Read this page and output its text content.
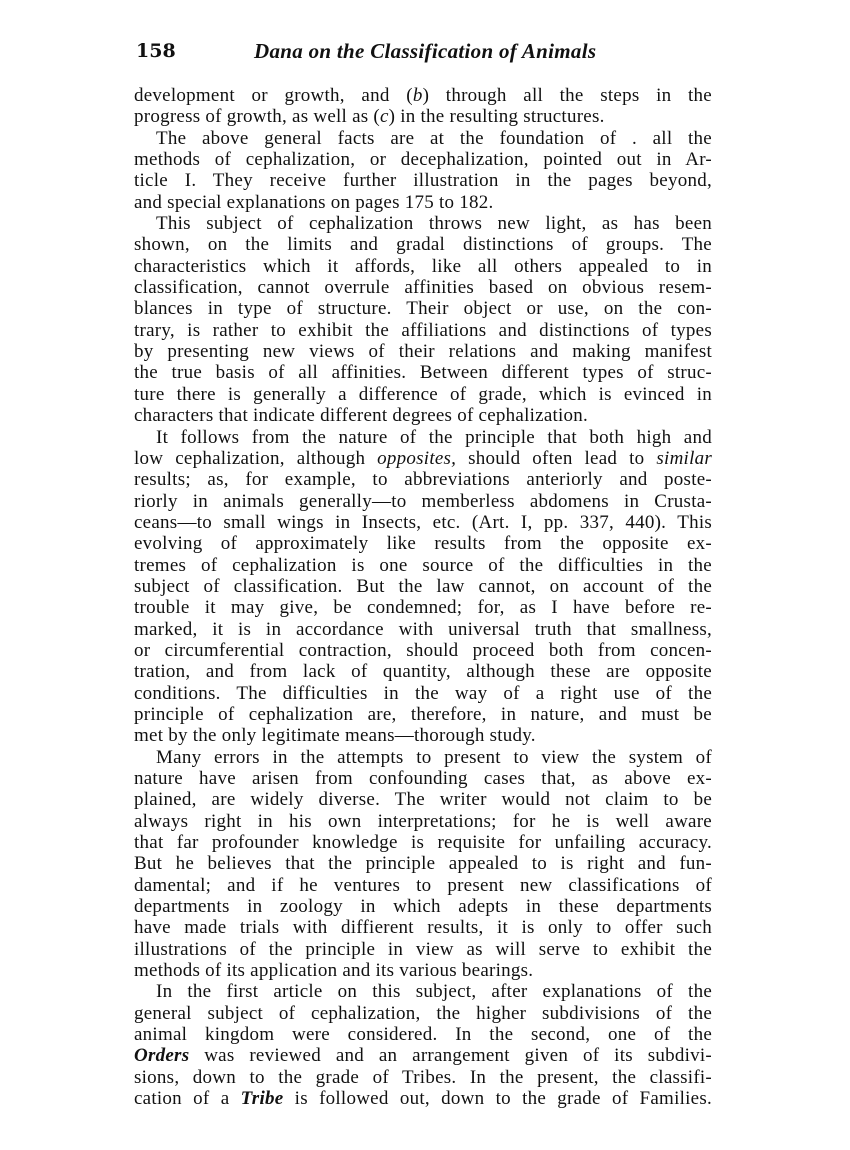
158	Dana on the Classification of Animals
development or growth, and (b) through all the steps in the
progress of growth, as well as (c) in the resulting structures.
The above general facts are at the foundation of . all the
methods of cephalization, or decephalization, pointed out in Ar-
ticle I. They receive further illustration in the pages beyond,
and special explanations on pages 175 to 182.
This subject of cephalization throws new light, as has been
shown, on the limits and gradal distinctions of groups. The
characteristics which it affords, like all others appealed to in
classification, cannot overrule affinities based on obvious resem-
blances in type of structure. Their object or use, on the con-
trary, is rather to exhibit the affiliations and distinctions of types
by presenting new views of their relations and making manifest
the true basis of all affinities. Between different types of struc-
ture there is generally a difference of grade, which is evinced in
characters that indicate different degrees of cephalization.
It follows from the nature of the principle that both high and
low cephalization, although opposites, should often lead to similar
results; as, for example, to abbreviations anteriorly and poste-
riorly in animals generally—to memberless abdomens in Crusta-
ceans—to small wings in Insects, etc. (Art. I, pp. 337, 440). This
evolving of approximately like results from the opposite ex-
tremes of cephalization is one source of the difficulties in the
subject of classification. But the law cannot, on account of the
trouble it may give, be condemned; for, as I have before re-
marked, it is in accordance with universal truth that smallness,
or circumferential contraction, should proceed both from concen-
tration, and from lack of quantity, although these are opposite
conditions. The difficulties in the way of a right use of the
principle of cephalization are, therefore, in nature, and must be
met by the only legitimate means—thorough study.
Many errors in the attempts to present to view the system of
nature have arisen from confounding cases that, as above ex-
plained, are widely diverse. The writer would not claim to be
always right in his own interpretations; for he is well aware
that far profounder knowledge is requisite for unfailing accuracy.
But he believes that the principle appealed to is right and fun-
damental; and if he ventures to present new classifications of
departments in zoology in which adepts in these departments
have made trials with diffierent results, it is only to offer such
illustrations of the principle in view as will serve to exhibit the
methods of its application and its various bearings.
In the first article on this subject, after explanations of the
general subject of cephalization, the higher subdivisions of the
animal kingdom were considered. In the second, one of the
Orders was reviewed and an arrangement given of its subdivi-
sions, down to the grade of Tribes. In the present, the classifi-
cation of a Tribe is followed out, down to the grade of Families.
